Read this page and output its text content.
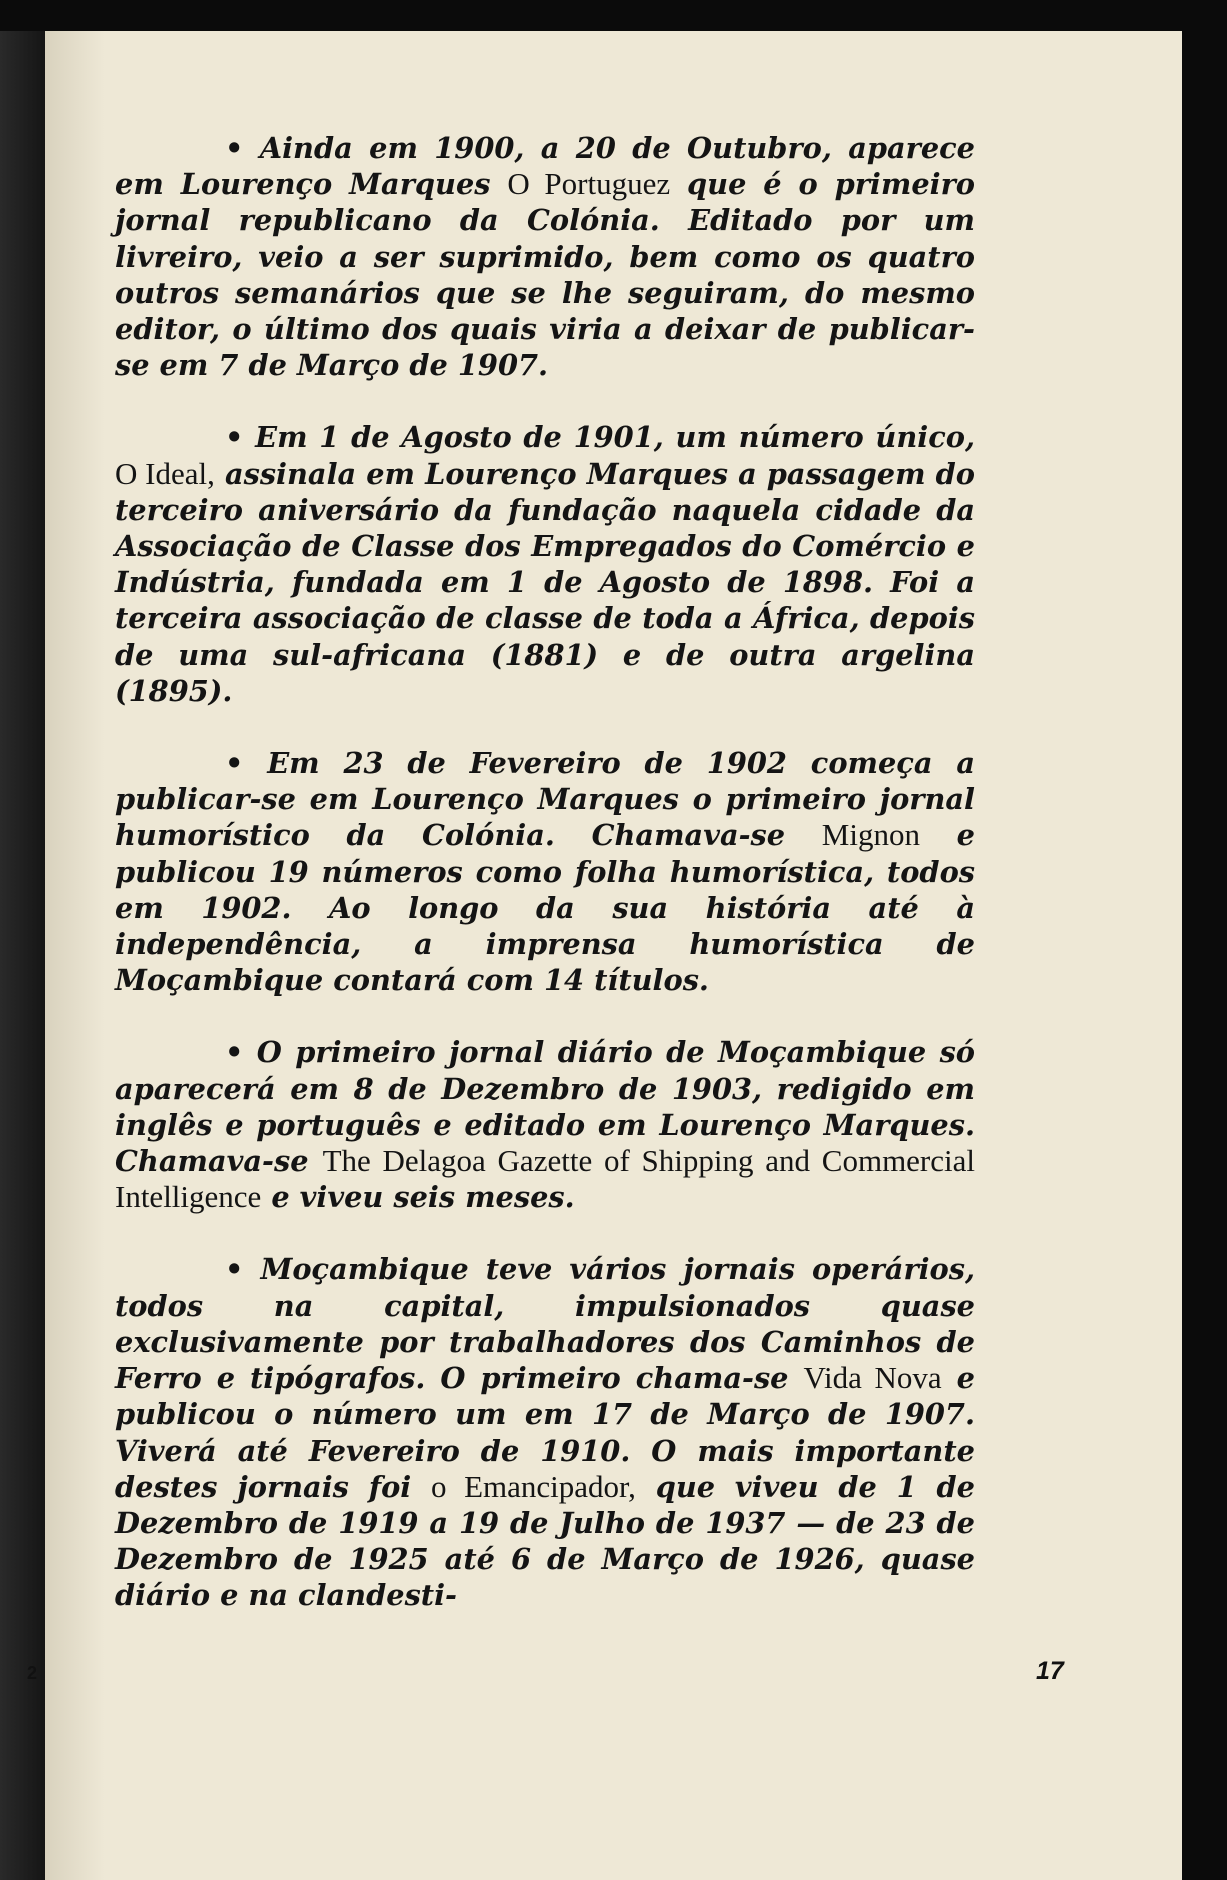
• Ainda em 1900, a 20 de Outubro, aparece em Lourenço Marques O Portuguez que é o primeiro jornal republicano da Colónia. Editado por um livreiro, veio a ser suprimido, bem como os quatro outros semanários que se lhe seguiram, do mesmo editor, o último dos quais viria a deixar de publicar-se em 7 de Março de 1907.

• Em 1 de Agosto de 1901, um número único, O Ideal, assinala em Lourenço Marques a passagem do terceiro aniversário da fundação naquela cidade da Associação de Classe dos Empregados do Comércio e Indústria, fundada em 1 de Agosto de 1898. Foi a terceira associação de classe de toda a África, depois de uma sul-africana (1881) e de outra argelina (1895).

• Em 23 de Fevereiro de 1902 começa a publicar-se em Lourenço Marques o primeiro jornal humorístico da Colónia. Chamava-se Mignon e publicou 19 números como folha humorística, todos em 1902. Ao longo da sua história até à independência, a imprensa humorística de Moçambique contará com 14 títulos.

• O primeiro jornal diário de Moçambique só aparecerá em 8 de Dezembro de 1903, redigido em inglês e português e editado em Lourenço Marques. Chamava-se The Delagoa Gazette of Shipping and Commercial Intelligence e viveu seis meses.

• Moçambique teve vários jornais operários, todos na capital, impulsionados quase exclusivamente por trabalhadores dos Caminhos de Ferro e tipógrafos. O primeiro chama-se Vida Nova e publicou o número um em 17 de Março de 1907. Viverá até Fevereiro de 1910. O mais importante destes jornais foi o Emancipador, que viveu de 1 de Dezembro de 1919 a 19 de Julho de 1937 — de 23 de Dezembro de 1925 até 6 de Março de 1926, quase diário e na clandesti-

2	17
